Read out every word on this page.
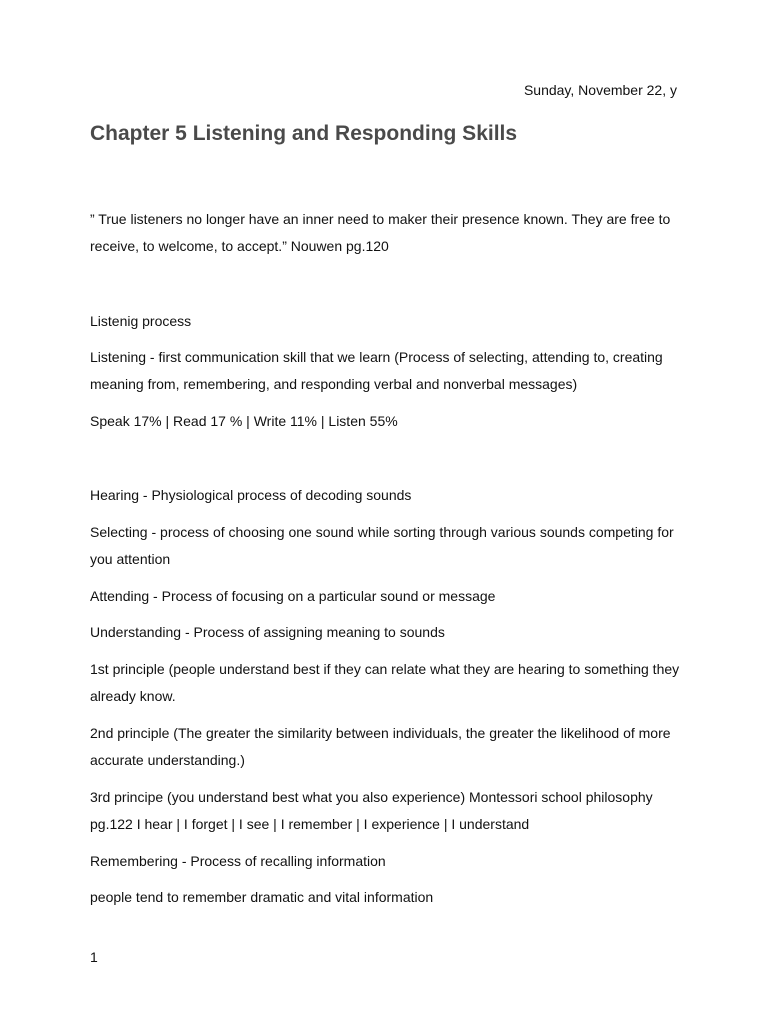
Sunday, November 22, y
Chapter 5 Listening and Responding Skills

” True listeners no longer have an inner need to maker their presence known. They are free to receive, to welcome, to accept.” Nouwen pg.120

Listenig process

Listening - first communication skill that we learn (Process of selecting, attending to, creating meaning from, remembering, and responding verbal and nonverbal messages)

Speak 17% | Read 17 % | Write 11% | Listen 55%

Hearing - Physiological process of decoding sounds

Selecting - process of choosing one sound while sorting through various sounds competing for you attention

Attending - Process of focusing on a particular sound or message

Understanding - Process of assigning meaning to sounds

1st principle (people understand best if they can relate what they are hearing to something they already know.

2nd principle (The greater the similarity between individuals, the greater the likelihood of more accurate understanding.)

3rd principe (you understand best what you also experience) Montessori school philosophy pg.122 I hear | I forget | I see | I remember | I experience | I understand

Remembering - Process of recalling information

people tend to remember dramatic and vital information

1
